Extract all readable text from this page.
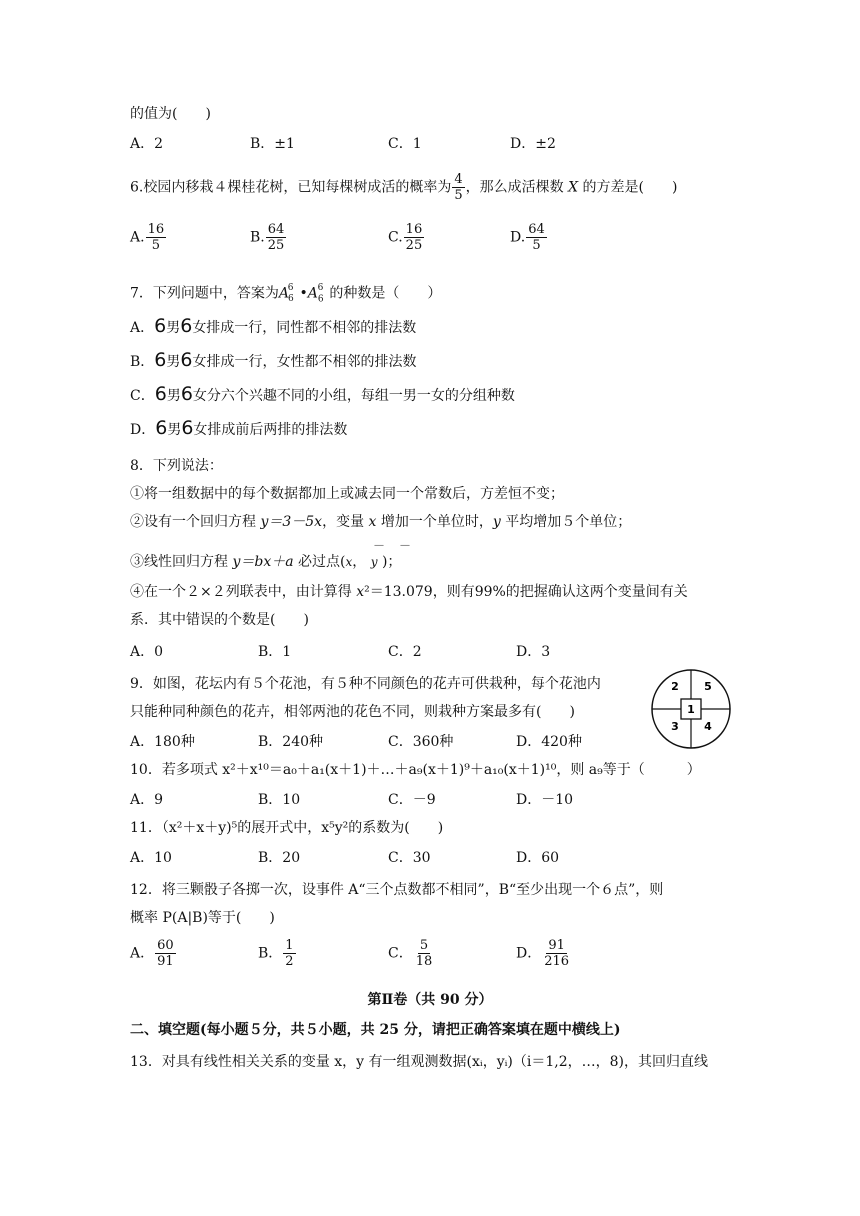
的值为(　　)
A．2	B．±1	C．1	D．±2
6.校园内移栽４棵桂花树，已知每棵树成活的概率为 $\frac{4}{5}$ ，那么成活棵数 X 的方差是(　　)
A. $\frac{16}{5}$	B. $\frac{64}{25}$	C. $\frac{16}{25}$	D. $\frac{64}{5}$
7．下列问题中，答案为$A_6^6$ $•A_6^6$ 的种数是（　　）
A．6男6女排成一行，同性都不相邻的排法数
B．6男6女排成一行，女性都不相邻的排法数
C．6男6女分六个兴趣不同的小组，每组一男一女的分组种数
D．6男6女排成前后两排的排法数
8．下列说法：
①将一组数据中的每个数据都加上或减去同一个常数后，方差恒不变；
②设有一个回归方程 y＝3－5x，变量 x 增加一个单位时，y 平均增加５个单位；
— —
③线性回归方程 y＝bx＋a 必过点(x， y )；
④在一个２×２列联表中，由计算得 x²＝13.079，则有99%的把握确认这两个变量间有关
系．其中错误的个数是(　　)
A．0	B．1	C．2	D．3
9．如图，花坛内有５个花池，有５种不同颜色的花卉可供栽种，每个花池内
只能种同种颜色的花卉，相邻两池的花色不同，则栽种方案最多有(　　)
A．180种	B．240种	C．360种	D．420种
2 5
1
3 4
10．若多项式 x²＋x¹⁰＝a₀＋a₁(x＋1)＋…＋a₉(x＋1)⁹＋a₁₀(x＋1)¹⁰，则 a₉等于（　　　）
A．9	B．10	C．－9	D．－10
11．（x²＋x＋y)⁵的展开式中，x⁵y²的系数为(　　)
A．10	B．20	C．30	D．60
12．将三颗骰子各掷一次，设事件 A“三个点数都不相同”，B“至少出现一个６点”，则
概率 P(A|B)等于(　　)
A． $\frac{60}{91}$	B． $\frac{1}{2}$	C． $\frac{5}{18}$	D． $\frac{91}{216}$
第Ⅱ卷（共 90 分）
二、填空题(每小题５分，共５小题，共 25 分，请把正确答案填在题中横线上)
13．对具有线性相关关系的变量 x，y 有一组观测数据(xᵢ，yᵢ)（i＝1,2，…，8)，其回归直线
